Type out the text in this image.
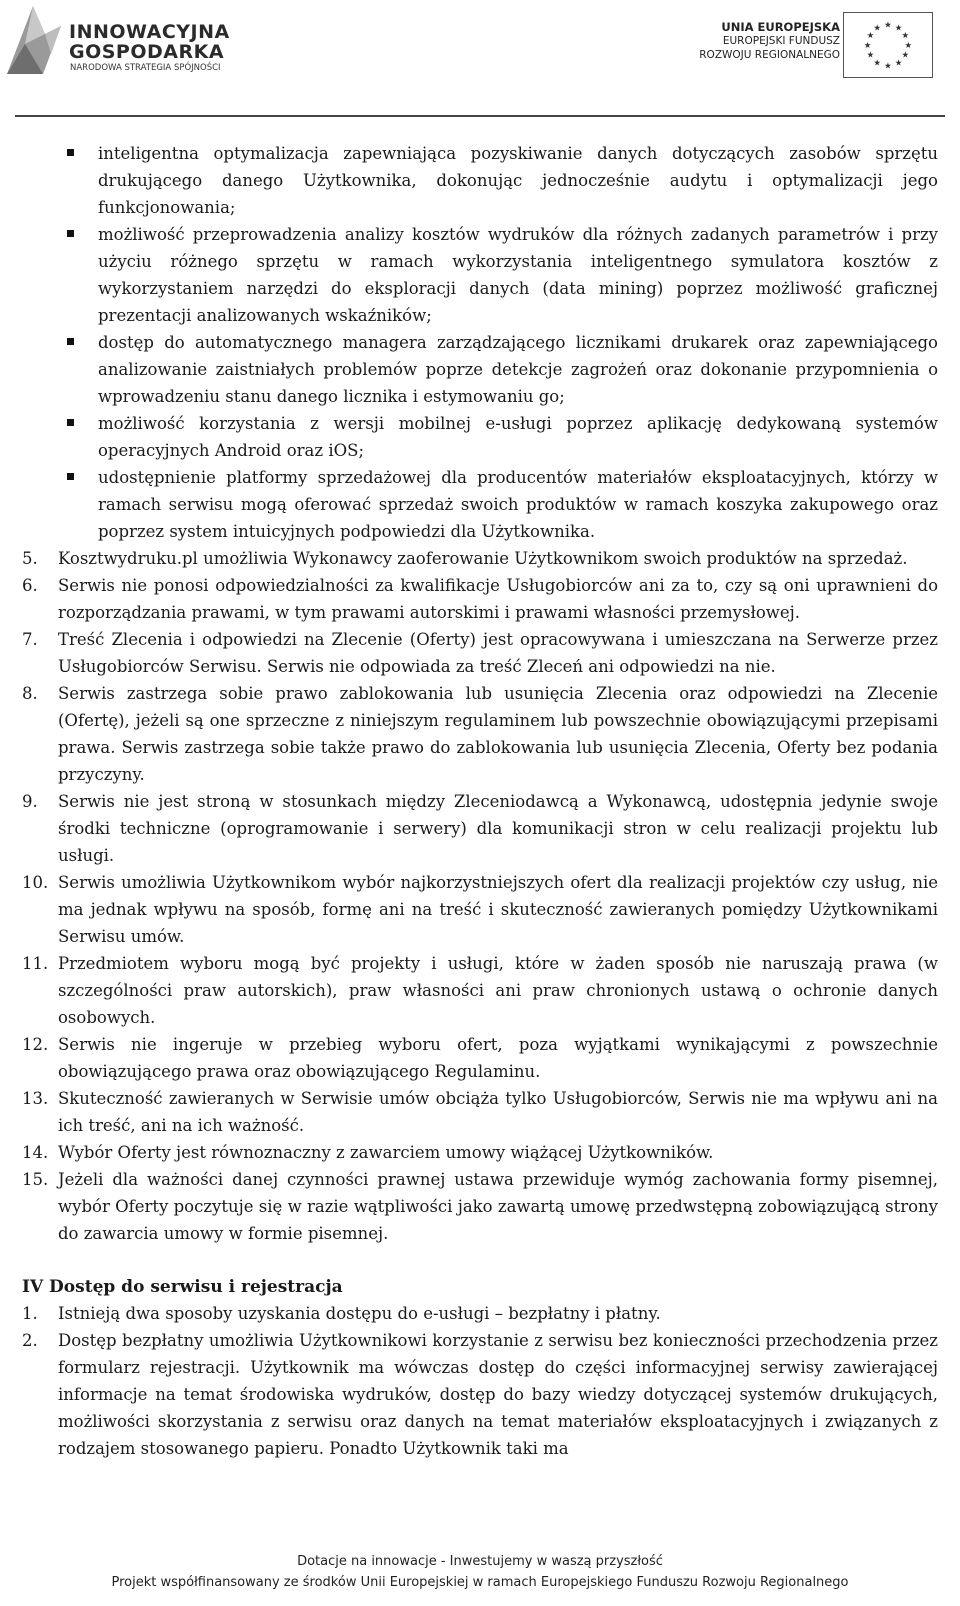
INNOWACYJNA
GOSPODARKA
NARODOWA STRATEGIA SPÓJNOŚCI
UNIA EUROPEJSKA
EUROPEJSKI FUNDUSZ
ROZWOJU REGIONALNEGO
★ ★
★
★
★
★
★
★
★
★
★
★
inteligentna optymalizacja zapewniająca pozyskiwanie danych dotyczących zasobów sprzętu drukującego danego Użytkownika, dokonując jednocześnie audytu i optymalizacji jego funkcjonowania;
możliwość przeprowadzenia analizy kosztów wydruków dla różnych zadanych parametrów i przy użyciu różnego sprzętu w ramach wykorzystania inteligentnego symulatora kosztów z wykorzystaniem narzędzi do eksploracji danych (data mining) poprzez możliwość graficznej prezentacji analizowanych wskaźników;
dostęp do automatycznego managera zarządzającego licznikami drukarek oraz zapewniającego analizowanie zaistniałych problemów poprze detekcje zagrożeń oraz dokonanie przypomnienia o wprowadzeniu stanu danego licznika i estymowaniu go;
możliwość korzystania z wersji mobilnej e-usługi poprzez aplikację dedykowaną systemów operacyjnych Android oraz iOS;
udostępnienie platformy sprzedażowej dla producentów materiałów eksploatacyjnych, którzy w ramach serwisu mogą oferować sprzedaż swoich produktów w ramach koszyka zakupowego oraz poprzez system intuicyjnych podpowiedzi dla Użytkownika.
5. Kosztwydruku.pl umożliwia Wykonawcy zaoferowanie Użytkownikom swoich produktów na sprzedaż.
6. Serwis nie ponosi odpowiedzialności za kwalifikacje Usługobiorców ani za to, czy są oni uprawnieni do rozporządzania prawami, w tym prawami autorskimi i prawami własności przemysłowej.
7. Treść Zlecenia i odpowiedzi na Zlecenie (Oferty) jest opracowywana i umieszczana na Serwerze przez Usługobiorców Serwisu. Serwis nie odpowiada za treść Zleceń ani odpowiedzi na nie.
8. Serwis zastrzega sobie prawo zablokowania lub usunięcia Zlecenia oraz odpowiedzi na Zlecenie (Ofertę), jeżeli są one sprzeczne z niniejszym regulaminem lub powszechnie obowiązującymi przepisami prawa. Serwis zastrzega sobie także prawo do zablokowania lub usunięcia Zlecenia, Oferty bez podania przyczyny.
9. Serwis nie jest stroną w stosunkach między Zleceniodawcą a Wykonawcą, udostępnia jedynie swoje środki techniczne (oprogramowanie i serwery) dla komunikacji stron w celu realizacji projektu lub usługi.
10. Serwis umożliwia Użytkownikom wybór najkorzystniejszych ofert dla realizacji projektów czy usług, nie ma jednak wpływu na sposób, formę ani na treść i skuteczność zawieranych pomiędzy Użytkownikami Serwisu umów.
11. Przedmiotem wyboru mogą być projekty i usługi, które w żaden sposób nie naruszają prawa (w szczególności praw autorskich), praw własności ani praw chronionych ustawą o ochronie danych osobowych.
12. Serwis nie ingeruje w przebieg wyboru ofert, poza wyjątkami wynikającymi z powszechnie obowiązującego prawa oraz obowiązującego Regulaminu.
13. Skuteczność zawieranych w Serwisie umów obciąża tylko Usługobiorców, Serwis nie ma wpływu ani na ich treść, ani na ich ważność.
14. Wybór Oferty jest równoznaczny z zawarciem umowy wiążącej Użytkowników.
15. Jeżeli dla ważności danej czynności prawnej ustawa przewiduje wymóg zachowania formy pisemnej, wybór Oferty poczytuje się w razie wątpliwości jako zawartą umowę przedwstępną zobowiązującą strony do zawarcia umowy w formie pisemnej.
IV Dostęp do serwisu i rejestracja
1. Istnieją dwa sposoby uzyskania dostępu do e-usługi – bezpłatny i płatny.
2. Dostęp bezpłatny umożliwia Użytkownikowi korzystanie z serwisu bez konieczności przechodzenia przez formularz rejestracji. Użytkownik ma wówczas dostęp do części informacyjnej serwisy zawierającej informacje na temat środowiska wydruków, dostęp do bazy wiedzy dotyczącej systemów drukujących, możliwości skorzystania z serwisu oraz danych na temat materiałów eksploatacyjnych i związanych z rodzajem stosowanego papieru. Ponadto Użytkownik taki ma
Dotacje na innowacje - Inwestujemy w waszą przyszłość
Projekt współfinansowany ze środków Unii Europejskiej w ramach Europejskiego Funduszu Rozwoju Regionalnego
